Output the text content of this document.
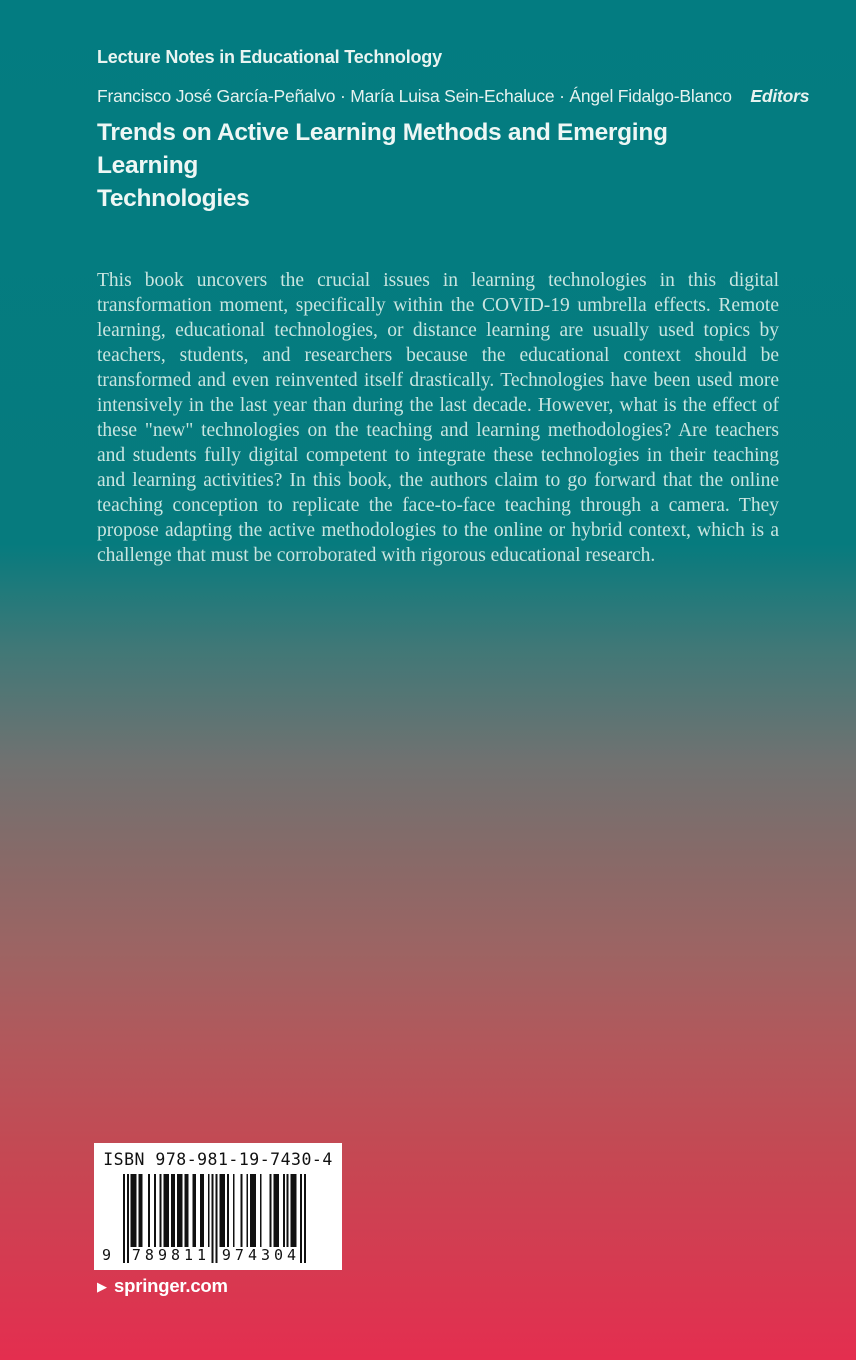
Lecture Notes in Educational Technology
Francisco José García-Peñalvo · María Luisa Sein-Echaluce · Ángel Fidalgo-Blanco Editors
Trends on Active Learning Methods and Emerging Learning
Technologies

This book uncovers the crucial issues in learning technologies in this digital transformation moment, specifically within the COVID-19 umbrella effects. Remote learning, educational technologies, or distance learning are usually used topics by teachers, students, and researchers because the educational context should be transformed and even reinvented itself drastically. Technologies have been used more intensively in the last year than during the last decade. However, what is the effect of these "new" technologies on the teaching and learning methodologies? Are teachers and students fully digital competent to integrate these technologies in their teaching and learning activities? In this book, the authors claim to go forward that the online teaching conception to replicate the face-to-face teaching through a camera. They propose adapting the active methodologies to the online or hybrid context, which is a challenge that must be corroborated with rigorous educational research.

ISBN 978-981-19-7430-4
9 789811 974304
▶ springer.com
